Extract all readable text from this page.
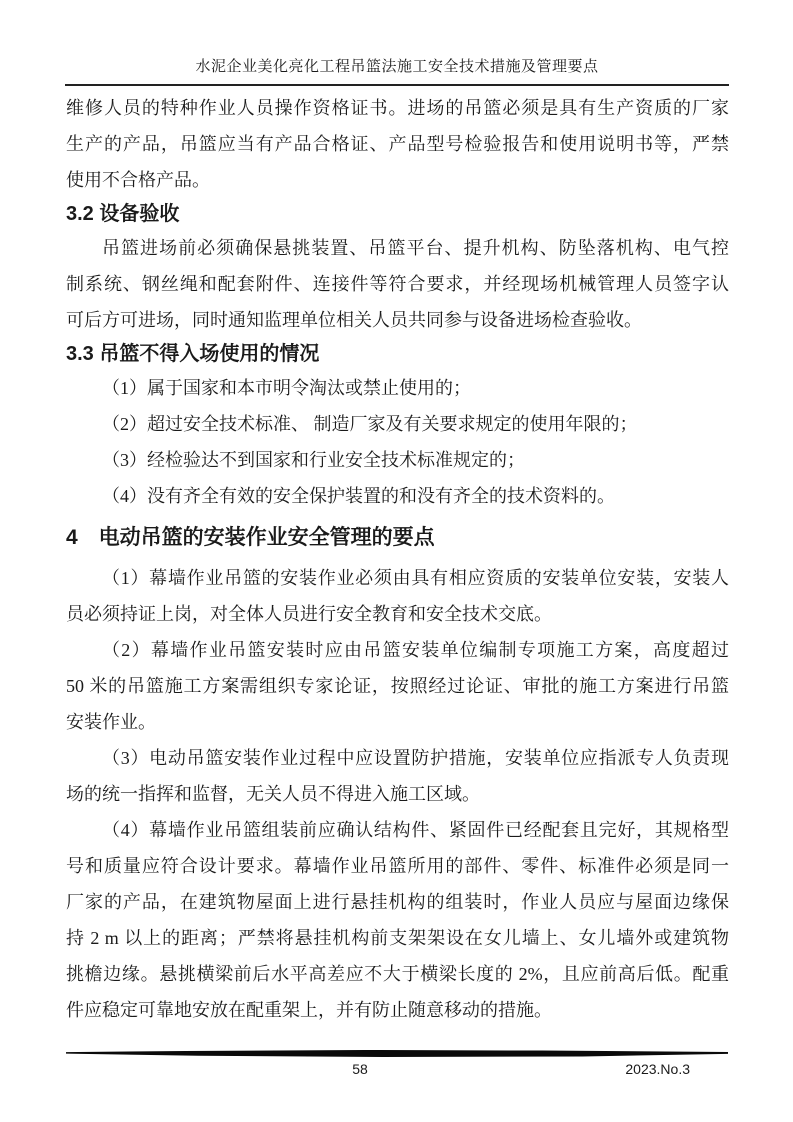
水泥企业美化亮化工程吊篮法施工安全技术措施及管理要点
维修人员的特种作业人员操作资格证书。进场的吊篮必须是具有生产资质的厂家
生产的产品，吊篮应当有产品合格证、产品型号检验报告和使用说明书等，严禁
使用不合格产品。
3.2 设备验收
吊篮进场前必须确保悬挑装置、吊篮平台、提升机构、防坠落机构、电气控
制系统、钢丝绳和配套附件、连接件等符合要求，并经现场机械管理人员签字认
可后方可进场，同时通知监理单位相关人员共同参与设备进场检查验收。
3.3 吊篮不得入场使用的情况
（1）属于国家和本市明令淘汰或禁止使用的；
（2）超过安全技术标准、 制造厂家及有关要求规定的使用年限的；
（3）经检验达不到国家和行业安全技术标准规定的；
（4）没有齐全有效的安全保护装置的和没有齐全的技术资料的。
4　电动吊篮的安装作业安全管理的要点
（1）幕墙作业吊篮的安装作业必须由具有相应资质的安装单位安装，安装人
员必须持证上岗，对全体人员进行安全教育和安全技术交底。
（2）幕墙作业吊篮安装时应由吊篮安装单位编制专项施工方案，高度超过
50 米的吊篮施工方案需组织专家论证，按照经过论证、审批的施工方案进行吊篮
安装作业。
（3）电动吊篮安装作业过程中应设置防护措施，安装单位应指派专人负责现
场的统一指挥和监督，无关人员不得进入施工区域。
（4）幕墙作业吊篮组装前应确认结构件、紧固件已经配套且完好，其规格型
号和质量应符合设计要求。幕墙作业吊篮所用的部件、零件、标准件必须是同一
厂家的产品，在建筑物屋面上进行悬挂机构的组装时，作业人员应与屋面边缘保
持 2 m 以上的距离；严禁将悬挂机构前支架架设在女儿墙上、女儿墙外或建筑物
挑檐边缘。悬挑横梁前后水平高差应不大于横梁长度的 2%，且应前高后低。配重
件应稳定可靠地安放在配重架上，并有防止随意移动的措施。
58	2023.No.3
